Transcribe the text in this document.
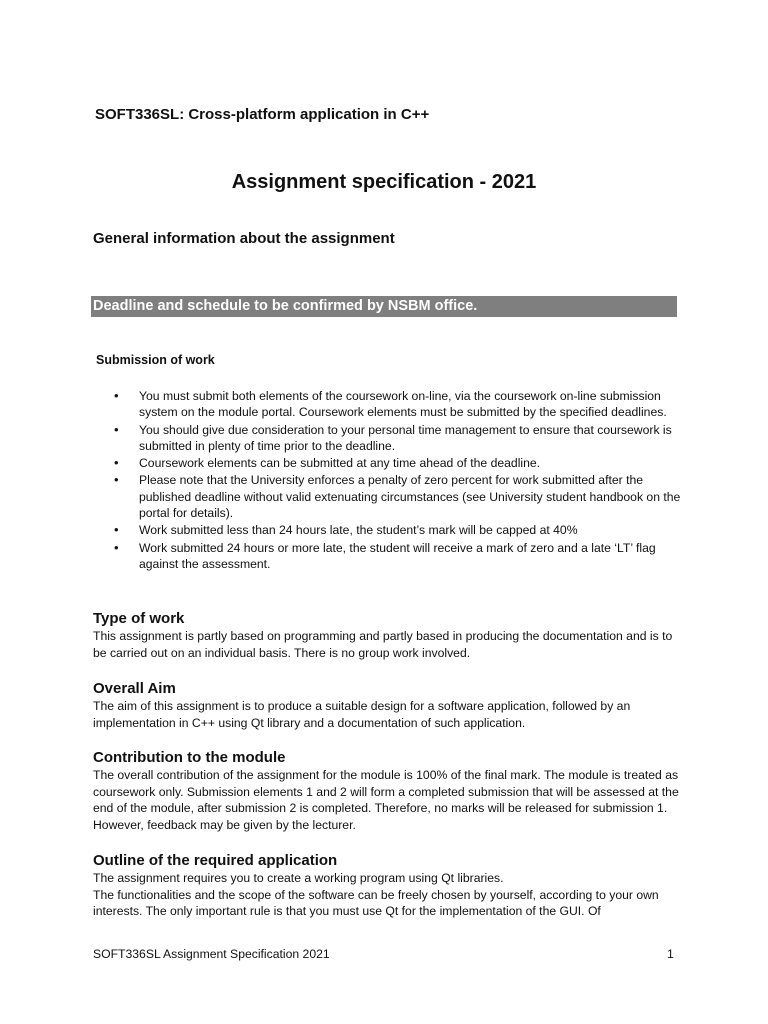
SOFT336SL: Cross-platform application in C++
Assignment specification - 2021
General information about the assignment
Deadline and schedule to be confirmed by NSBM office.
Submission of work
• You must submit both elements of the coursework on-line, via the coursework on-line submission system on the module portal. Coursework elements must be submitted by the specified deadlines.
• You should give due consideration to your personal time management to ensure that coursework is submitted in plenty of time prior to the deadline.
• Coursework elements can be submitted at any time ahead of the deadline.
• Please note that the University enforces a penalty of zero percent for work submitted after the published deadline without valid extenuating circumstances (see University student handbook on the portal for details).
• Work submitted less than 24 hours late, the student’s mark will be capped at 40%
• Work submitted 24 hours or more late, the student will receive a mark of zero and a late ‘LT’ flag against the assessment.
Type of work

This assignment is partly based on programming and partly based in producing the documentation and is to be carried out on an individual basis. There is no group work involved.

Overall Aim

The aim of this assignment is to produce a suitable design for a software application, followed by an implementation in C++ using Qt library and a documentation of such application.

Contribution to the module

The overall contribution of the assignment for the module is 100% of the final mark. The module is treated as coursework only. Submission elements 1 and 2 will form a completed submission that will be assessed at the end of the module, after submission 2 is completed. Therefore, no marks will be released for submission 1. However, feedback may be given by the lecturer.

Outline of the required application

The assignment requires you to create a working program using Qt libraries.

The functionalities and the scope of the software can be freely chosen by yourself, according to your own interests. The only important rule is that you must use Qt for the implementation of the GUI. Of

SOFT336SL Assignment Specification 2021	1
